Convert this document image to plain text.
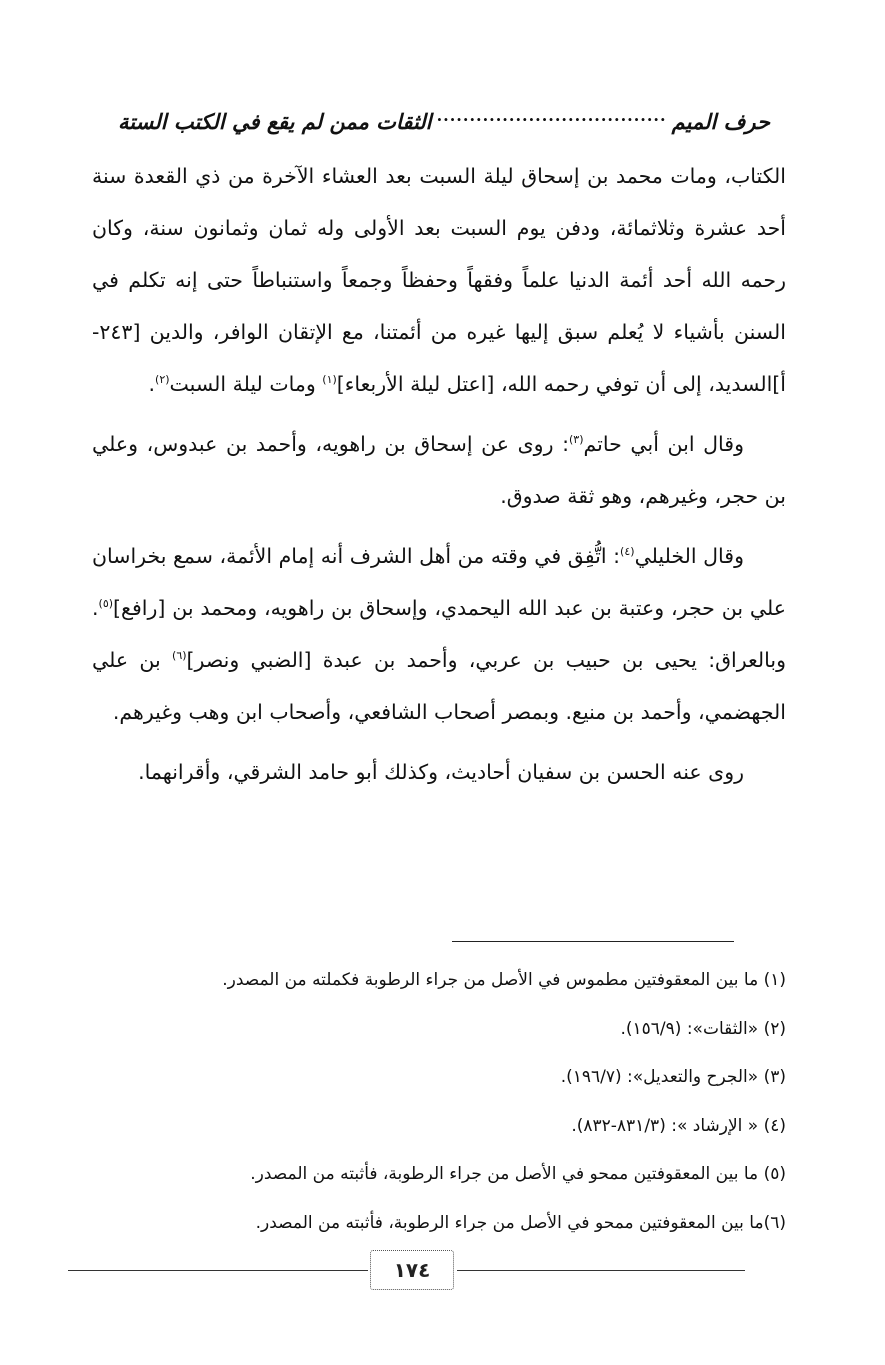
حرف الميم
...................................
الثقات ممن لم يقع في الكتب الستة

الكتاب، ومات محمد بن إسحاق ليلة السبت بعد العشاء الآخرة من ذي القعدة سنة أحد عشرة وثلاثمائة، ودفن يوم السبت بعد الأولى وله ثمان وثمانون سنة، وكان رحمه الله أحد أئمة الدنيا علماً وفقهاً وحفظاً وجمعاً واستنباطاً حتى إنه تكلم في السنن بأشياء لا يُعلم سبق إليها غيره من أئمتنا، مع الإتقان الوافر، والدين [٢٤٣-أ]السديد، إلى أن توفي رحمه الله، [اعتل ليلة الأربعاء]$^{(١)}$ ومات ليلة السبت$^{(٢)}$.

وقال ابن أبي حاتم$^{(٣)}$: روى عن إسحاق بن راهويه، وأحمد بن عبدوس، وعلي بن حجر، وغيرهم، وهو ثقة صدوق.

وقال الخليلي$^{(٤)}$: اتُّفِق في وقته من أهل الشرف أنه إمام الأئمة، سمع بخراسان علي بن حجر، وعتبة بن عبد الله اليحمدي، وإسحاق بن راهويه، ومحمد بن [رافع]$^{(٥)}$. وبالعراق: يحيى بن حبيب بن عربي، وأحمد بن عبدة [الضبي ونصر]$^{(٦)}$ بن علي الجهضمي، وأحمد بن منيع. وبمصر أصحاب الشافعي، وأصحاب ابن وهب وغيرهم.

روى عنه الحسن بن سفيان أحاديث، وكذلك أبو حامد الشرقي، وأقرانهما.

(١) ما بين المعقوفتين مطموس في الأصل من جراء الرطوبة فكملته من المصدر.

(٢) «الثقات»: (١٥٦/٩).

(٣) «الجرح والتعديل»: (١٩٦/٧).

(٤) « الإرشاد »: (٨٣١/٣-٨٣٢).

(٥) ما بين المعقوفتين ممحو في الأصل من جراء الرطوبة، فأثبته من المصدر.

(٦)ما بين المعقوفتين ممحو في الأصل من جراء الرطوبة، فأثبته من المصدر.

١٧٤
